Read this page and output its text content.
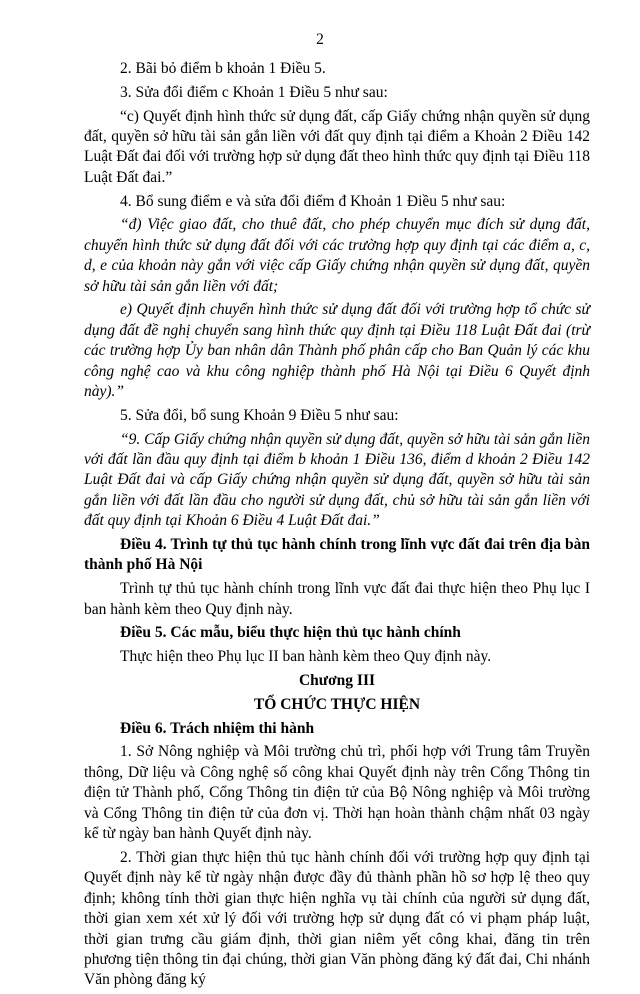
2

2. Bãi bỏ điểm b khoản 1 Điều 5.

3. Sửa đổi điểm c Khoản 1 Điều 5 như sau:

“c) Quyết định hình thức sử dụng đất, cấp Giấy chứng nhận quyền sử dụng đất, quyền sở hữu tài sản gắn liền với đất quy định tại điểm a Khoản 2 Điều 142 Luật Đất đai đối với trường hợp sử dụng đất theo hình thức quy định tại Điều 118 Luật Đất đai.”

4. Bổ sung điểm e và sửa đổi điểm đ Khoản 1 Điều 5 như sau:

“đ) Việc giao đất, cho thuê đất, cho phép chuyển mục đích sử dụng đất, chuyển hình thức sử dụng đất đối với các trường hợp quy định tại các điểm a, c, d, e của khoản này gắn với việc cấp Giấy chứng nhận quyền sử dụng đất, quyền sở hữu tài sản gắn liền với đất;

e) Quyết định chuyển hình thức sử dụng đất đối với trường hợp tổ chức sử dụng đất đề nghị chuyển sang hình thức quy định tại Điều 118 Luật Đất đai (trừ các trường hợp Ủy ban nhân dân Thành phố phân cấp cho Ban Quản lý các khu công nghệ cao và khu công nghiệp thành phố Hà Nội tại Điều 6 Quyết định này).”

5. Sửa đổi, bổ sung Khoản 9 Điều 5 như sau:

“9. Cấp Giấy chứng nhận quyền sử dụng đất, quyền sở hữu tài sản gắn liền với đất lần đầu quy định tại điểm b khoản 1 Điều 136, điểm d khoản 2 Điều 142 Luật Đất đai và cấp Giấy chứng nhận quyền sử dụng đất, quyền sở hữu tài sản gắn liền với đất lần đầu cho người sử dụng đất, chủ sở hữu tài sản gắn liền với đất quy định tại Khoản 6 Điều 4 Luật Đất đai.”

Điều 4. Trình tự thủ tục hành chính trong lĩnh vực đất đai trên địa bàn thành phố Hà Nội

Trình tự thủ tục hành chính trong lĩnh vực đất đai thực hiện theo Phụ lục I ban hành kèm theo Quy định này.

Điều 5. Các mẫu, biểu thực hiện thủ tục hành chính

Thực hiện theo Phụ lục II ban hành kèm theo Quy định này.

Chương III

TỔ CHỨC THỰC HIỆN

Điều 6. Trách nhiệm thi hành

1. Sở Nông nghiệp và Môi trường chủ trì, phối hợp với Trung tâm Truyền thông, Dữ liệu và Công nghệ số công khai Quyết định này trên Cổng Thông tin điện tử Thành phố, Cổng Thông tin điện tử của Bộ Nông nghiệp và Môi trường và Cổng Thông tin điện tử của đơn vị. Thời hạn hoàn thành chậm nhất 03 ngày kể từ ngày ban hành Quyết định này.

2. Thời gian thực hiện thủ tục hành chính đối với trường hợp quy định tại Quyết định này kể từ ngày nhận được đầy đủ thành phần hồ sơ hợp lệ theo quy định; không tính thời gian thực hiện nghĩa vụ tài chính của người sử dụng đất, thời gian xem xét xử lý đối với trường hợp sử dụng đất có vi phạm pháp luật, thời gian trưng cầu giám định, thời gian niêm yết công khai, đăng tin trên phương tiện thông tin đại chúng, thời gian Văn phòng đăng ký đất đai, Chi nhánh Văn phòng đăng ký
